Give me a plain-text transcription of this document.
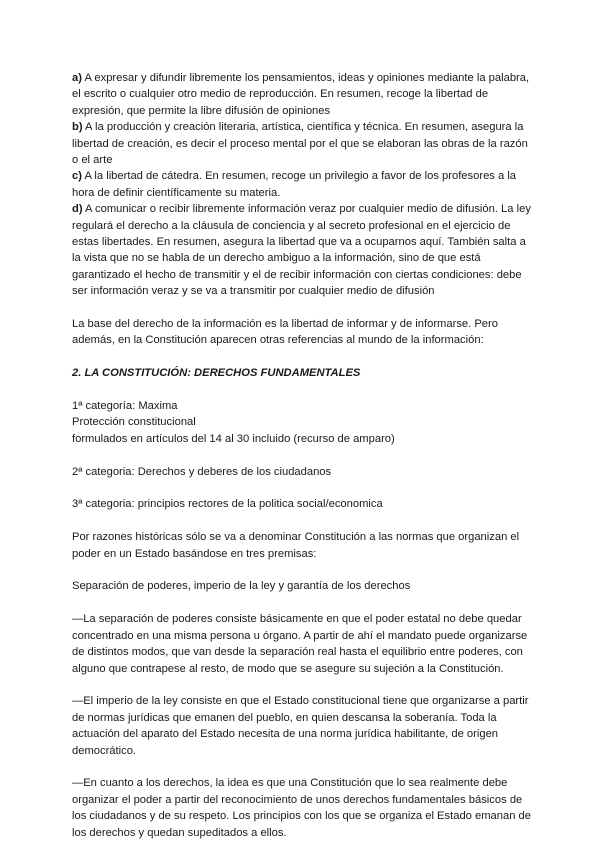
a) A expresar y difundir libremente los pensamientos, ideas y opiniones mediante la palabra, el escrito o cualquier otro medio de reproducción. En resumen, recoge la libertad de expresión, que permite la libre difusión de opiniones

b) A la producción y creación literaria, artística, científica y técnica. En resumen, asegura la libertad de creación, es decir el proceso mental por el que se elaboran las obras de la razón o el arte

c) A la libertad de cátedra. En resumen, recoge un privilegio a favor de los profesores a la hora de definir científicamente su materia.

d) A comunicar o recibir libremente información veraz por cualquier medio de difusión. La ley regulará el derecho a la cláusula de conciencia y al secreto profesional en el ejercicio de estas libertades. En resumen, asegura la libertad que va a ocuparnos aquí. También salta a la vista que no se habla de un derecho ambiguo a la información, sino de que está garantizado el hecho de transmitir y el de recibir información con ciertas condiciones: debe ser información veraz y se va a transmitir por cualquier medio de difusión

La base del derecho de la información es la libertad de informar y de informarse. Pero además, en la Constitución aparecen otras referencias al mundo de la información:

2. LA CONSTITUCIÓN: DERECHOS FUNDAMENTALES

1ª categoría: Maxima

Protección constitucional

formulados en artículos del 14 al 30 incluido (recurso de amparo)

2ª categoria: Derechos y deberes de los ciudadanos

3ª categoria: principios rectores de la politica social/economica

Por razones históricas sólo se va a denominar Constitución a las normas que organizan el poder en un Estado basándose en tres premisas:

Separación de poderes, imperio de la ley y garantía de los derechos

—La separación de poderes consiste básicamente en que el poder estatal no debe quedar concentrado en una misma persona u órgano. A partir de ahí el mandato puede organizarse de distintos modos, que van desde la separación real hasta el equilibrio entre poderes, con alguno que contrapese al resto, de modo que se asegure su sujeción a la Constitución.

—El imperio de la ley consiste en que el Estado constitucional tiene que organizarse a partir de normas jurídicas que emanen del pueblo, en quien descansa la soberanía. Toda la actuación del aparato del Estado necesita de una norma jurídica habilitante, de origen democrático.

—En cuanto a los derechos, la idea es que una Constitución que lo sea realmente debe organizar el poder a partir del reconocimiento de unos derechos fundamentales básicos de los ciudadanos y de su respeto. Los principios con los que se organiza el Estado emanan de los derechos y quedan supeditados a ellos.
